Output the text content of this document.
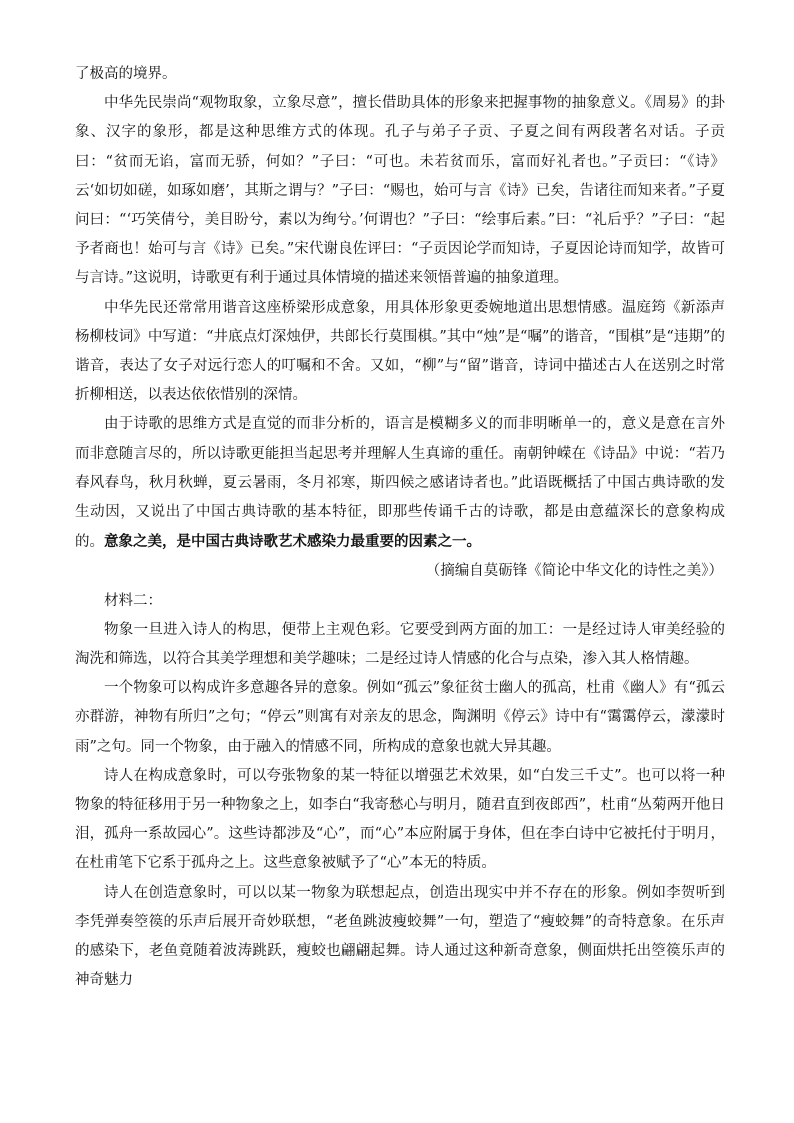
了极高的境界。

中华先民崇尚“观物取象，立象尽意”，擅长借助具体的形象来把握事物的抽象意义。《周易》的卦象、汉字的象形，都是这种思维方式的体现。孔子与弟子子贡、子夏之间有两段著名对话。子贡曰：“贫而无谄，富而无骄，何如？”子曰：“可也。未若贫而乐，富而好礼者也。”子贡曰：“《诗》云‘如切如磋，如琢如磨’，其斯之谓与？”子曰：“赐也，始可与言《诗》已矣，告诸往而知来者。”子夏问曰：“‘巧笑倩兮，美目盼兮，素以为绚兮。’何谓也？”子曰：“绘事后素。”曰：“礼后乎？”子曰：“起予者商也！始可与言《诗》已矣。”宋代谢良佐评曰：“子贡因论学而知诗，子夏因论诗而知学，故皆可与言诗。”这说明，诗歌更有利于通过具体情境的描述来领悟普遍的抽象道理。

中华先民还常常用谐音这座桥梁形成意象，用具体形象更委婉地道出思想情感。温庭筠《新添声杨柳枝词》中写道：“井底点灯深烛伊，共郎长行莫围棋。”其中“烛”是“嘱”的谐音，“围棋”是“违期”的谐音，表达了女子对远行恋人的叮嘱和不舍。又如，“柳”与“留”谐音，诗词中描述古人在送别之时常折柳相送，以表达依依惜别的深情。

由于诗歌的思维方式是直觉的而非分析的，语言是模糊多义的而非明晰单一的，意义是意在言外而非意随言尽的，所以诗歌更能担当起思考并理解人生真谛的重任。南朝钟嵘在《诗品》中说：“若乃春风春鸟，秋月秋蝉，夏云暑雨，冬月祁寒，斯四候之感诸诗者也。”此语既概括了中国古典诗歌的发生动因，又说出了中国古典诗歌的基本特征，即那些传诵千古的诗歌，都是由意蕴深长的意象构成的。意象之美，是中国古典诗歌艺术感染力最重要的因素之一。

（摘编自莫砺锋《简论中华文化的诗性之美》）

材料二：

物象一旦进入诗人的构思，便带上主观色彩。它要受到两方面的加工：一是经过诗人审美经验的淘洗和筛选，以符合其美学理想和美学趣味；二是经过诗人情感的化合与点染，渗入其人格情趣。

一个物象可以构成许多意趣各异的意象。例如“孤云”象征贫士幽人的孤高，杜甫《幽人》有“孤云亦群游，神物有所归”之句；“停云”则寓有对亲友的思念，陶渊明《停云》诗中有“霭霭停云，濛濛时雨”之句。同一个物象，由于融入的情感不同，所构成的意象也就大异其趣。

诗人在构成意象时，可以夸张物象的某一特征以增强艺术效果，如“白发三千丈”。也可以将一种物象的特征移用于另一种物象之上，如李白“我寄愁心与明月，随君直到夜郎西”，杜甫“丛菊两开他日泪，孤舟一系故园心”。这些诗都涉及“心”，而“心”本应附属于身体，但在李白诗中它被托付于明月，在杜甫笔下它系于孤舟之上。这些意象被赋予了“心”本无的特质。

诗人在创造意象时，可以以某一物象为联想起点，创造出现实中并不存在的形象。例如李贺听到李凭弹奏箜篌的乐声后展开奇妙联想，“老鱼跳波瘦蛟舞”一句，塑造了“瘦蛟舞”的奇特意象。在乐声的感染下，老鱼竟随着波涛跳跃，瘦蛟也翩翩起舞。诗人通过这种新奇意象，侧面烘托出箜篌乐声的神奇魅力
